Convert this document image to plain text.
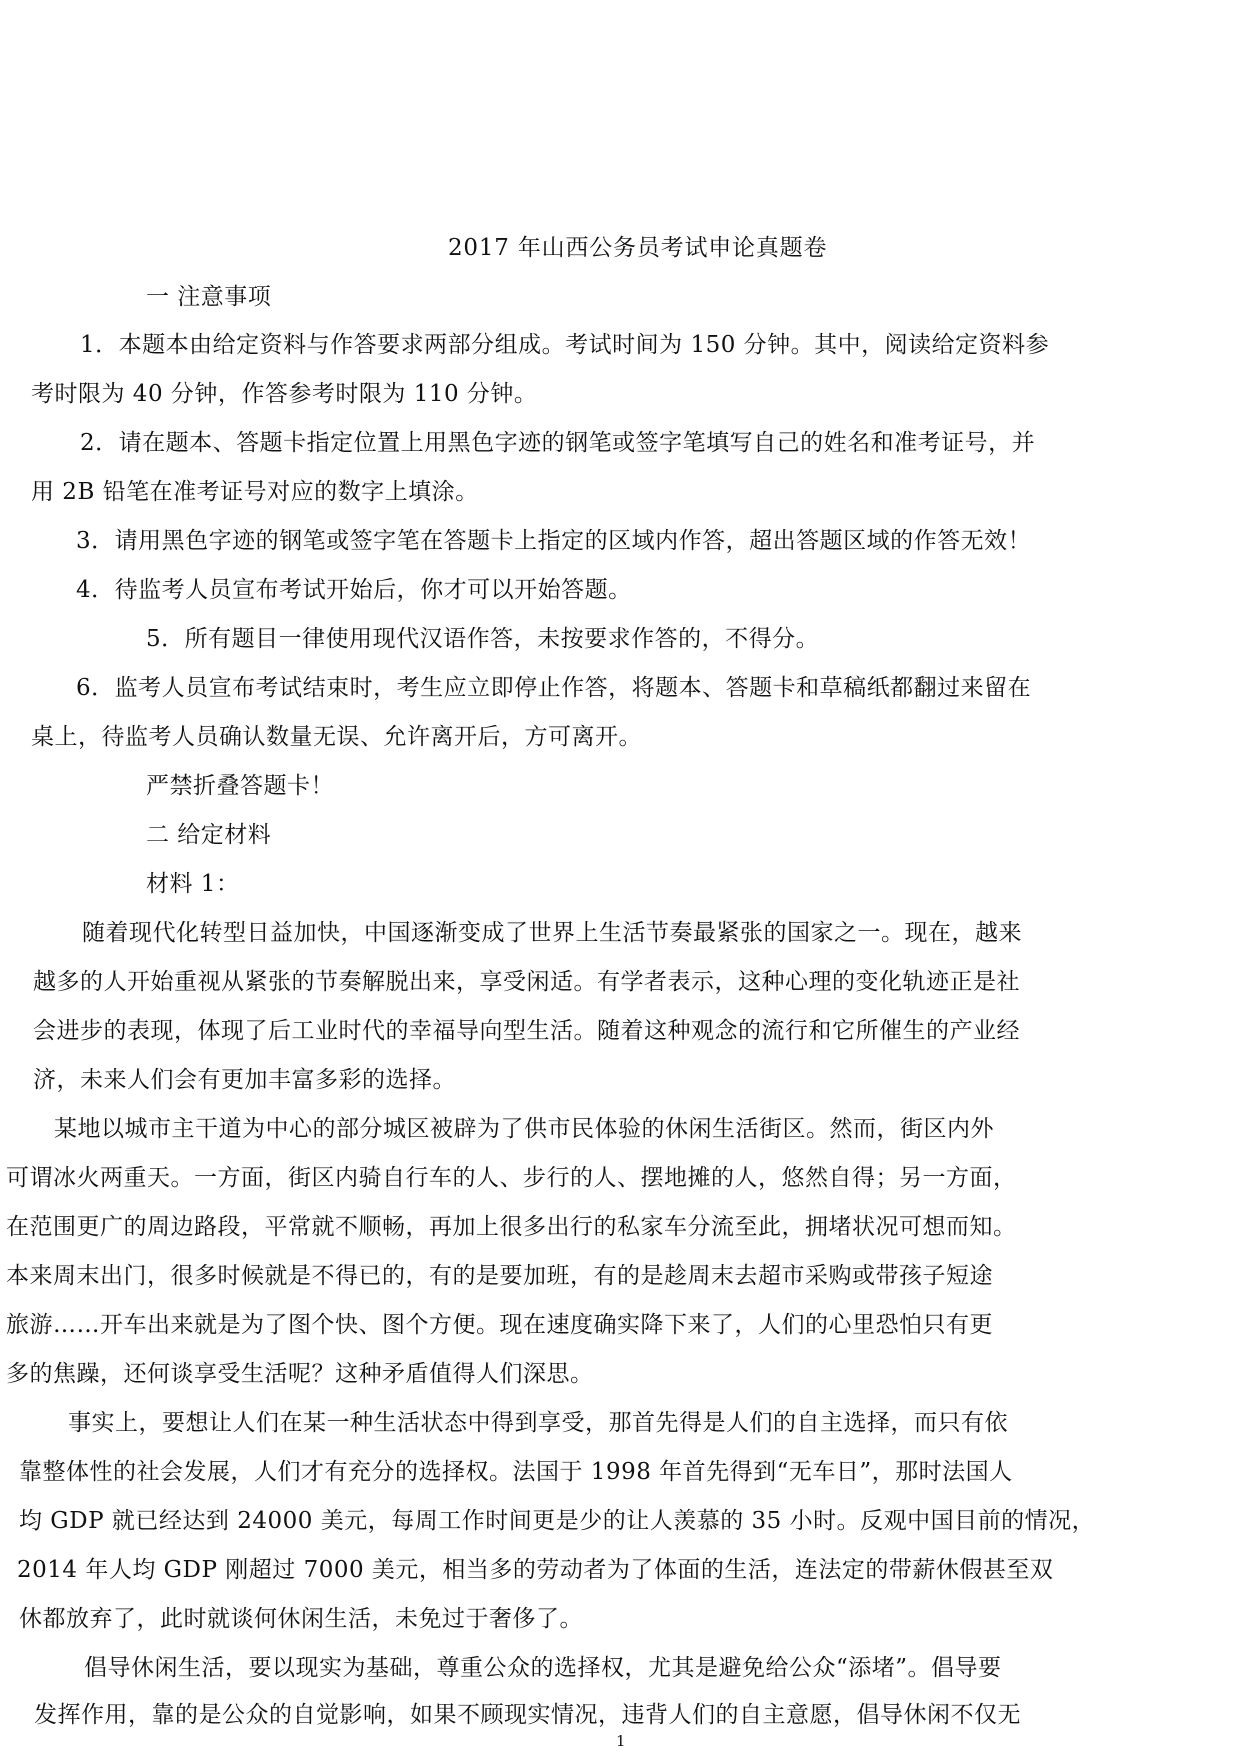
2017 年山西公务员考试申论真题卷
一 注意事项
1．本题本由给定资料与作答要求两部分组成。考试时间为 150 分钟。其中，阅读给定资料参
考时限为 40 分钟，作答参考时限为 110 分钟。
2．请在题本、答题卡指定位置上用黑色字迹的钢笔或签字笔填写自己的姓名和准考证号，并
用 2B 铅笔在准考证号对应的数字上填涂。
3．请用黑色字迹的钢笔或签字笔在答题卡上指定的区域内作答，超出答题区域的作答无效！
4．待监考人员宣布考试开始后，你才可以开始答题。
5．所有题目一律使用现代汉语作答，未按要求作答的，不得分。
6．监考人员宣布考试结束时，考生应立即停止作答，将题本、答题卡和草稿纸都翻过来留在
桌上，待监考人员确认数量无误、允许离开后，方可离开。
严禁折叠答题卡！
二 给定材料
材料 1：
随着现代化转型日益加快，中国逐渐变成了世界上生活节奏最紧张的国家之一。现在，越来
越多的人开始重视从紧张的节奏解脱出来，享受闲适。有学者表示，这种心理的变化轨迹正是社
会进步的表现，体现了后工业时代的幸福导向型生活。随着这种观念的流行和它所催生的产业经
济，未来人们会有更加丰富多彩的选择。
某地以城市主干道为中心的部分城区被辟为了供市民体验的休闲生活街区。然而，街区内外
可谓冰火两重天。一方面，街区内骑自行车的人、步行的人、摆地摊的人，悠然自得；另一方面，
在范围更广的周边路段，平常就不顺畅，再加上很多出行的私家车分流至此，拥堵状况可想而知。
本来周末出门，很多时候就是不得已的，有的是要加班，有的是趁周末去超市采购或带孩子短途
旅游……开车出来就是为了图个快、图个方便。现在速度确实降下来了，人们的心里恐怕只有更
多的焦躁，还何谈享受生活呢？这种矛盾值得人们深思。
事实上，要想让人们在某一种生活状态中得到享受，那首先得是人们的自主选择，而只有依
靠整体性的社会发展，人们才有充分的选择权。法国于 1998 年首先得到“无车日”，那时法国人
均 GDP 就已经达到 24000 美元，每周工作时间更是少的让人羡慕的 35 小时。反观中国目前的情况，
2014 年人均 GDP 刚超过 7000 美元，相当多的劳动者为了体面的生活，连法定的带薪休假甚至双
休都放弃了，此时就谈何休闲生活，未免过于奢侈了。
倡导休闲生活，要以现实为基础，尊重公众的选择权，尤其是避免给公众“添堵”。倡导要
发挥作用，靠的是公众的自觉影响，如果不顾现实情况，违背人们的自主意愿，倡导休闲不仅无
1
